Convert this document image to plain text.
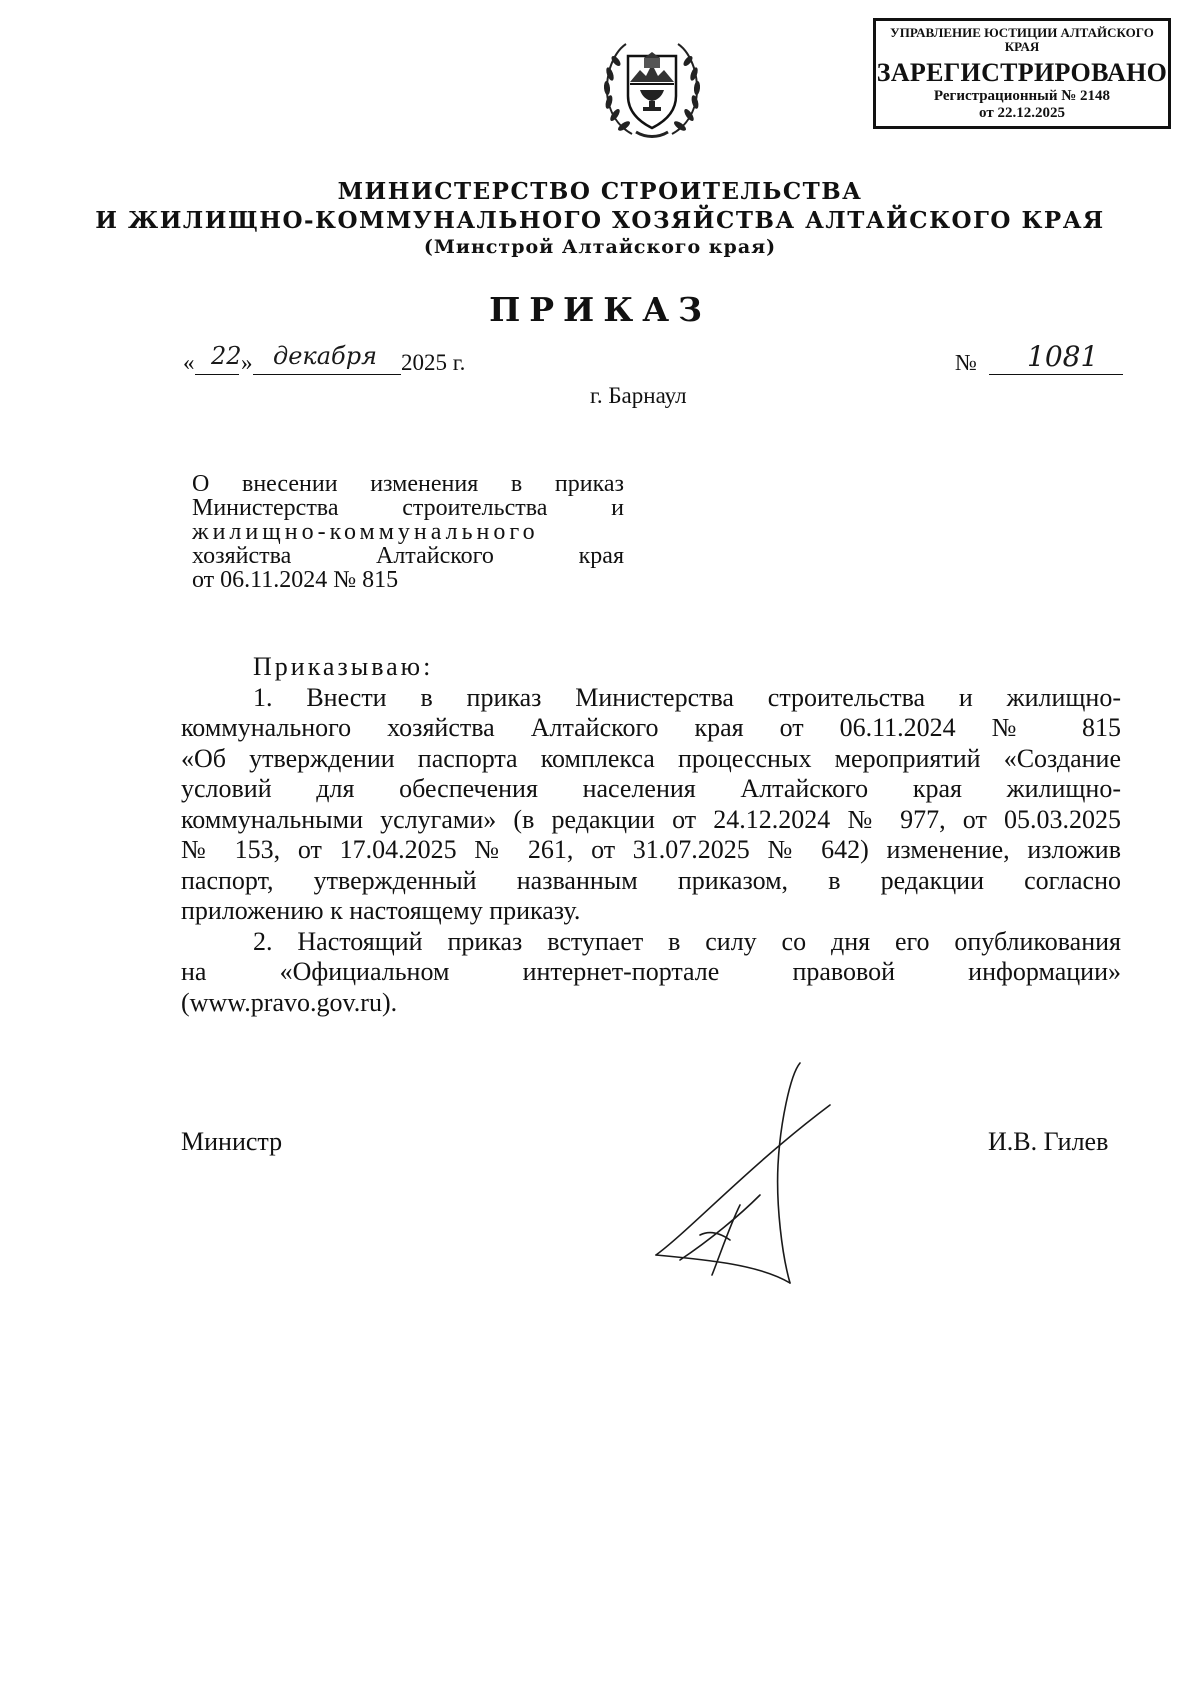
УПРАВЛЕНИЕ ЮСТИЦИИ АЛТАЙСКОГО КРАЯ
ЗАРЕГИСТРИРОВАНО
Регистрационный № 2148
от 22.12.2025
МИНИСТЕРСТВО СТРОИТЕЛЬСТВА
И ЖИЛИЩНО-КОММУНАЛЬНОГО ХОЗЯЙСТВА АЛТАЙСКОГО КРАЯ
(Минстрой Алтайского края)
ПРИКАЗ
« 22 » декабря 2025 г.	№ 1081
г. Барнаул
О внесении изменения в приказ
Министерства строительства и
жилищно-коммунального
хозяйства Алтайского края
от 06.11.2024 № 815
Приказываю:
1. Внести в приказ Министерства строительства и жилищно-
коммунального хозяйства Алтайского края от 06.11.2024 № 815
«Об утверждении паспорта комплекса процессных мероприятий «Создание
условий для обеспечения населения Алтайского края жилищно-
коммунальными услугами» (в редакции от 24.12.2024 № 977, от 05.03.2025
№ 153, от 17.04.2025 № 261, от 31.07.2025 № 642) изменение, изложив
паспорт, утвержденный названным приказом, в редакции согласно
приложению к настоящему приказу.
2. Настоящий приказ вступает в силу со дня его опубликования
на «Официальном интернет-портале правовой информации»
(www.pravo.gov.ru).
Министр	И.В. Гилев
